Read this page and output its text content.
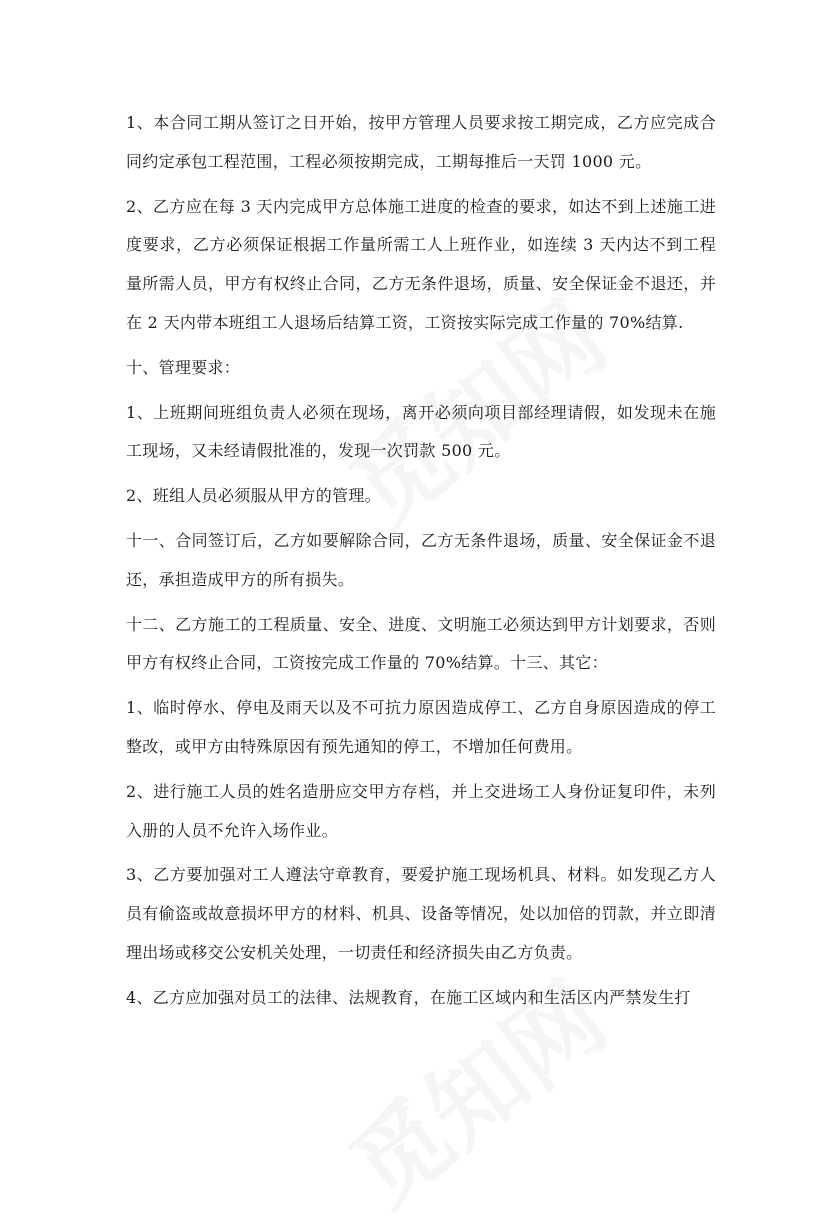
1、本合同工期从签订之日开始，按甲方管理人员要求按工期完成，乙方应完成合同约定承包工程范围，工程必须按期完成，工期每推后一天罚 1000 元。

2、乙方应在每 3 天内完成甲方总体施工进度的检查的要求，如达不到上述施工进度要求，乙方必须保证根据工作量所需工人上班作业，如连续 3 天内达不到工程量所需人员，甲方有权终止合同，乙方无条件退场，质量、安全保证金不退还，并在 2 天内带本班组工人退场后结算工资，工资按实际完成工作量的 70%结算.

十、管理要求：

1、上班期间班组负责人必须在现场，离开必须向项目部经理请假，如发现未在施工现场，又未经请假批准的，发现一次罚款 500 元。

2、班组人员必须服从甲方的管理。

十一、合同签订后，乙方如要解除合同，乙方无条件退场，质量、安全保证金不退还，承担造成甲方的所有损失。

十二、乙方施工的工程质量、安全、进度、文明施工必须达到甲方计划要求，否则甲方有权终止合同，工资按完成工作量的 70%结算。十三、其它：

1、临时停水、停电及雨天以及不可抗力原因造成停工、乙方自身原因造成的停工整改，或甲方由特殊原因有预先通知的停工，不增加任何费用。

2、进行施工人员的姓名造册应交甲方存档，并上交进场工人身份证复印件，未列入册的人员不允许入场作业。

3、乙方要加强对工人遵法守章教育，要爱护施工现场机具、材料。如发现乙方人员有偷盗或故意损坏甲方的材料、机具、设备等情况，处以加倍的罚款，并立即清理出场或移交公安机关处理，一切责任和经济损失由乙方负责。

4、乙方应加强对员工的法律、法规教育，在施工区域内和生活区内严禁发生打
